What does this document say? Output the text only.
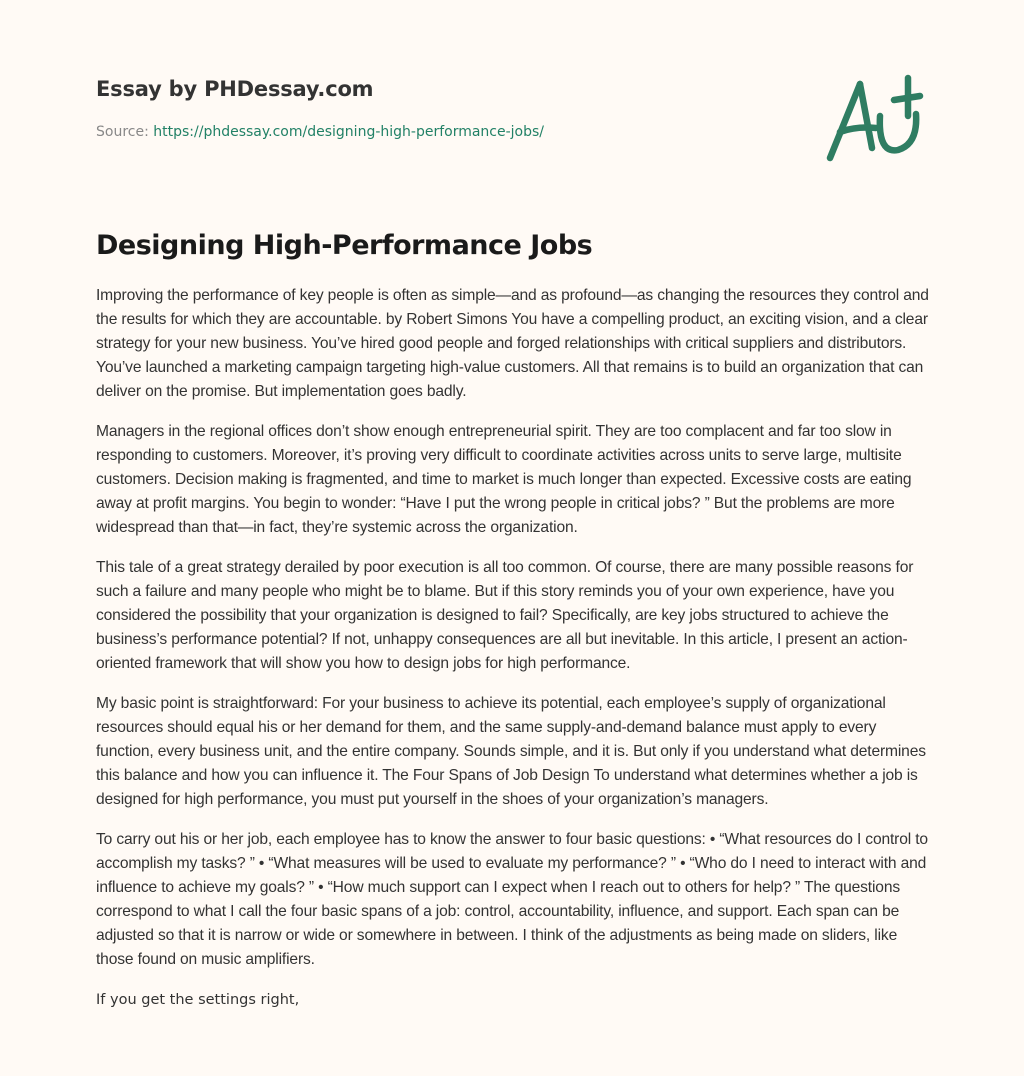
Essay by PHDessay.com
Source: https://phdessay.com/designing-high-performance-jobs/
Designing High-Performance Jobs

Improving the performance of key people is often as simple—and as profound—as changing the resources they control and the results for which they are accountable. by Robert Simons You have a compelling product, an exciting vision, and a clear strategy for your new business. You’ve hired good people and forged relationships with critical suppliers and distributors. You’ve launched a marketing campaign targeting high-value customers. All that remains is to build an organization that can deliver on the promise. But implementation goes badly.

Managers in the regional offices don’t show enough entrepreneurial spirit. They are too complacent and far too slow in responding to customers. Moreover, it’s proving very difficult to coordinate activities across units to serve large, multisite customers. Decision making is fragmented, and time to market is much longer than expected. Excessive costs are eating away at profit margins. You begin to wonder: “Have I put the wrong people in critical jobs? ” But the problems are more widespread than that—in fact, they’re systemic across the organization.

This tale of a great strategy derailed by poor execution is all too common. Of course, there are many possible reasons for such a failure and many people who might be to blame. But if this story reminds you of your own experience, have you considered the possibility that your organization is designed to fail? Specifically, are key jobs structured to achieve the business’s performance potential? If not, unhappy consequences are all but inevitable. In this article, I present an action-oriented framework that will show you how to design jobs for high performance.

My basic point is straightforward: For your business to achieve its potential, each employee’s supply of organizational resources should equal his or her demand for them, and the same supply-and-demand balance must apply to every function, every business unit, and the entire company. Sounds simple, and it is. But only if you understand what determines this balance and how you can influence it. The Four Spans of Job Design To understand what determines whether a job is designed for high performance, you must put yourself in the shoes of your organization’s managers.

To carry out his or her job, each employee has to know the answer to four basic questions: • “What resources do I control to accomplish my tasks? ” • “What measures will be used to evaluate my performance? ” • “Who do I need to interact with and influence to achieve my goals? ” • “How much support can I expect when I reach out to others for help? ” The questions correspond to what I call the four basic spans of a job: control, accountability, influence, and support. Each span can be adjusted so that it is narrow or wide or somewhere in between. I think of the adjustments as being made on sliders, like those found on music amplifiers.

If you get the settings right,
